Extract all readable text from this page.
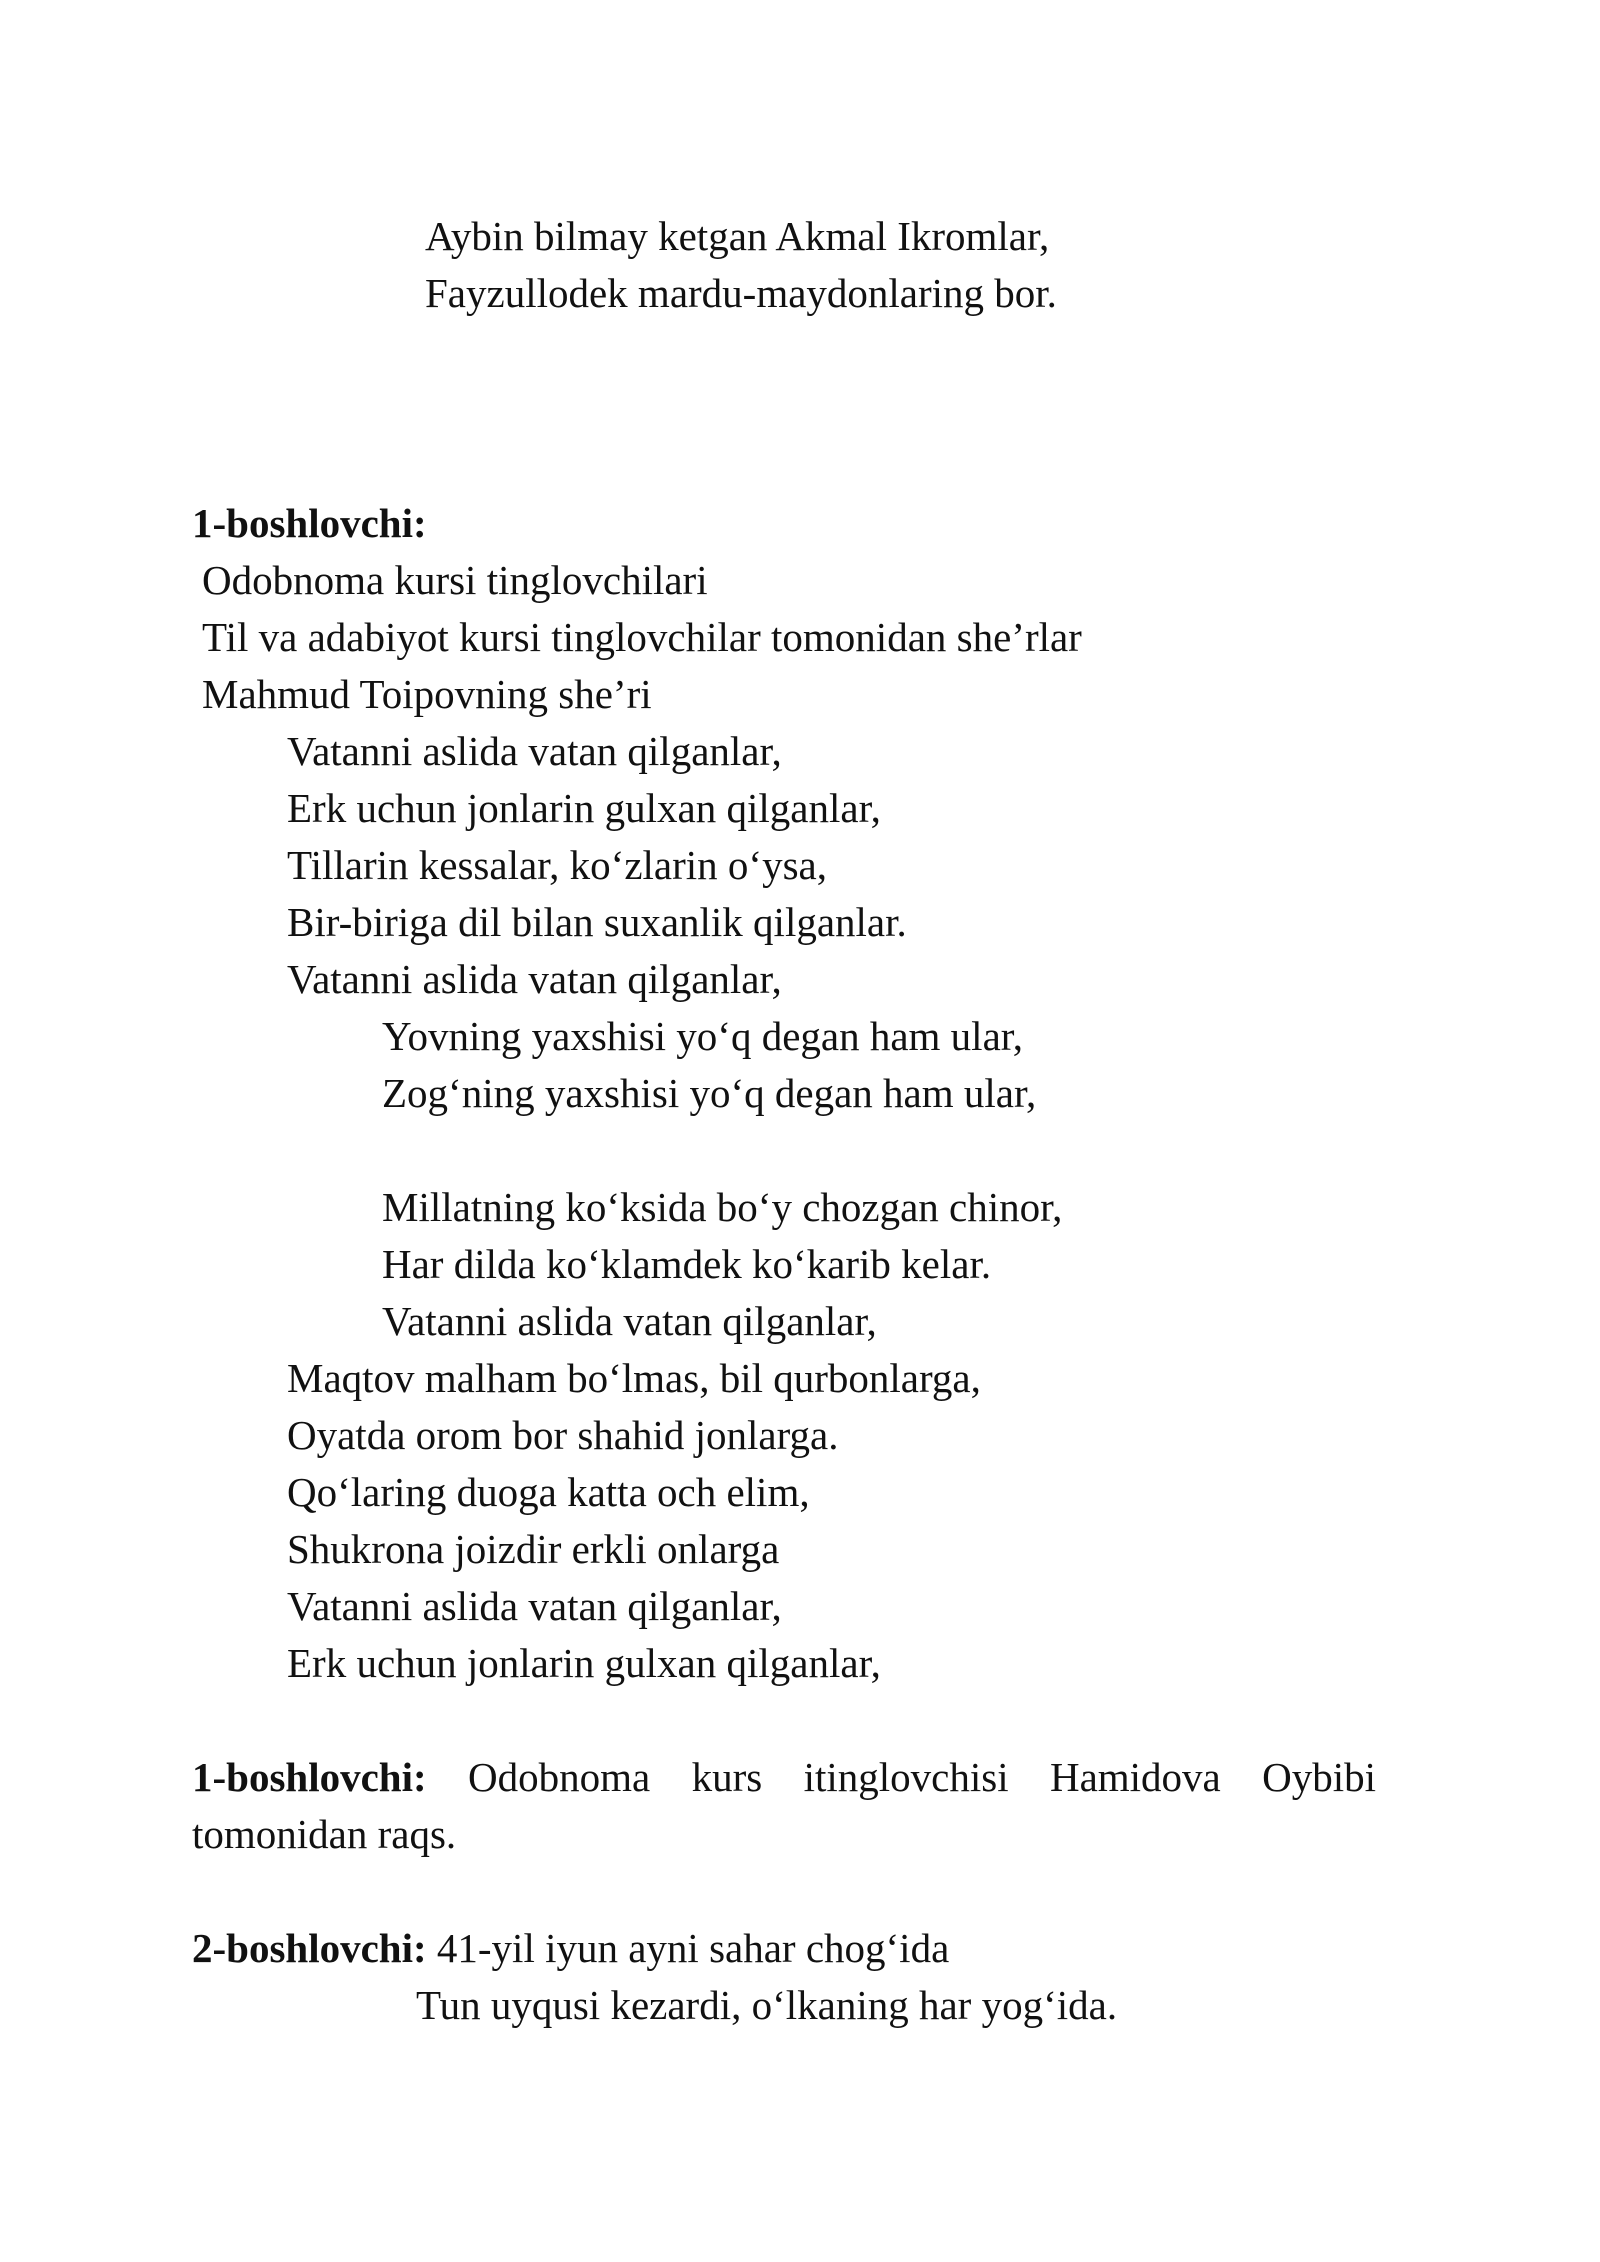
Aybin bilmay ketgan Akmal Ikromlar,
Fayzullodek mardu-maydonlaring bor.
1-boshlovchi:
Odobnoma kursi tinglovchilari
Til va adabiyot kursi tinglovchilar tomonidan she’rlar
Mahmud Toipovning she’ri
Vatanni aslida vatan qilganlar,
Erk uchun jonlarin gulxan qilganlar,
Tillarin kessalar, ko‘zlarin o‘ysa,
Bir-biriga dil bilan suxanlik qilganlar.
Vatanni aslida vatan qilganlar,
Yovning yaxshisi yo‘q degan ham ular,
Zog‘ning yaxshisi yo‘q degan ham ular,
Millatning ko‘ksida bo‘y chozgan chinor,
Har dilda ko‘klamdek ko‘karib kelar.
Vatanni aslida vatan qilganlar,
Maqtov malham bo‘lmas, bil qurbonlarga,
Oyatda orom bor shahid jonlarga.
Qo‘laring duoga katta och elim,
Shukrona joizdir erkli onlarga
Vatanni aslida vatan qilganlar,
Erk uchun jonlarin gulxan qilganlar,
1-boshlovchi: Odobnoma kurs itinglovchisi Hamidova Oybibi
tomonidan raqs.
2-boshlovchi: 41-yil iyun ayni sahar chog‘ida
Tun uyqusi kezardi, o‘lkaning har yog‘ida.
